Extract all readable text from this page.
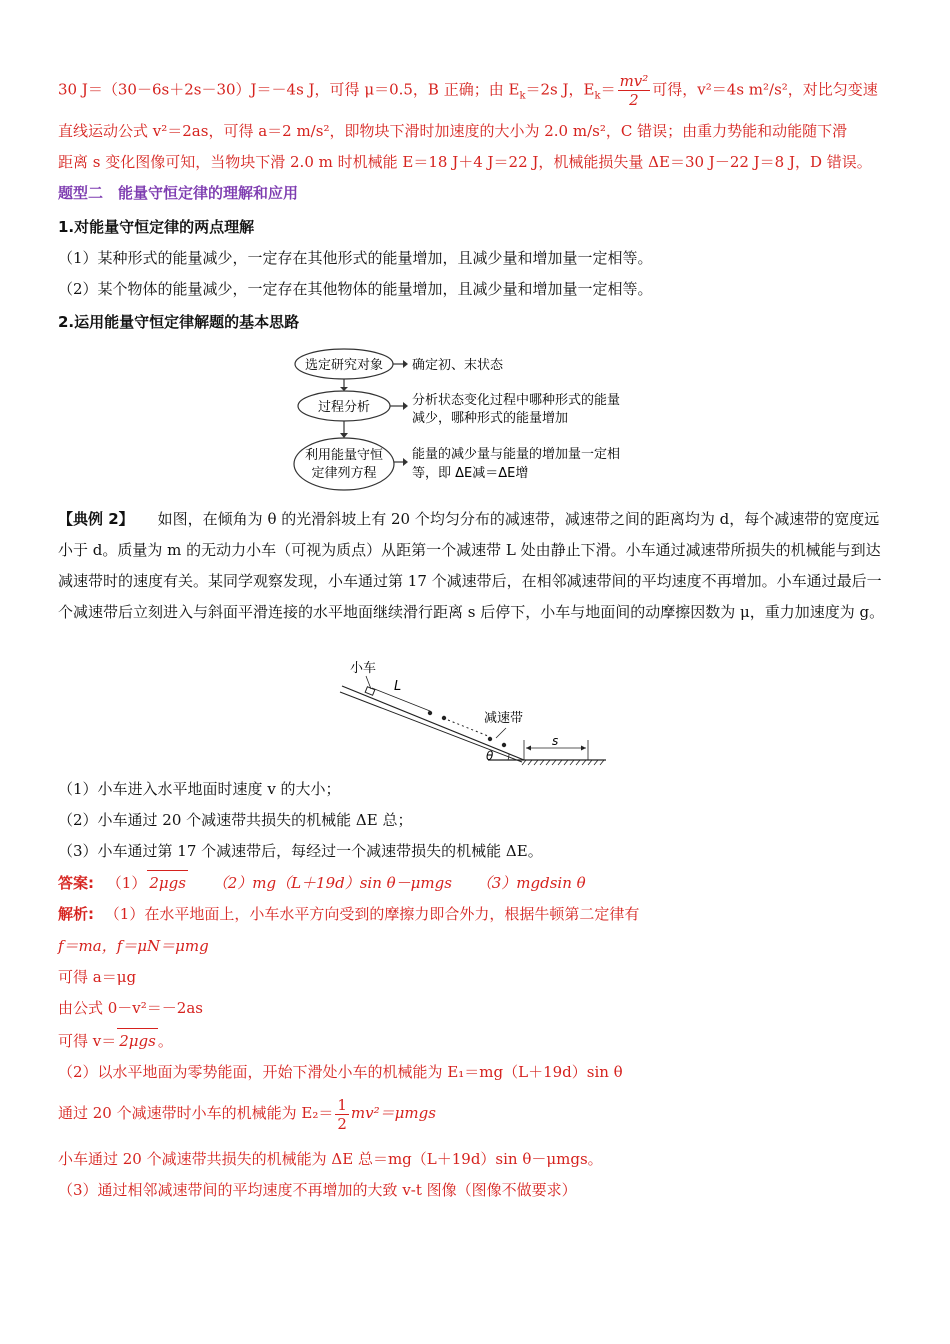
30 J＝（30－6s＋2s－30）J＝－4s J，可得 μ＝0.5，B 正确；由 $E_k=2s$ J，$E_k= \frac{\text{mv²}}{2}$ 可得，v²＝4s m²/s²，对比匀变速
直线运动公式 v²＝2as，可得 a＝2 m/s²，即物块下滑时加速度的大小为 2.0 m/s²，C 错误；由重力势能和动能随下滑
距离 s 变化图像可知，当物块下滑 2.0 m 时机械能 E＝18 J＋4 J＝22 J，机械能损失量 ΔE＝30 J－22 J＝8 J，D 错误。
题型二　能量守恒定律的理解和应用
1.对能量守恒定律的两点理解
（1）某种形式的能量减少，一定存在其他形式的能量增加，且减少量和增加量一定相等。
（2）某个物体的能量减少，一定存在其他物体的能量增加，且减少量和增加量一定相等。
2.运用能量守恒定律解题的基本思路
选定研究对象
过程分析
利用能量守恒
定律列方程
确定初、末状态
分析状态变化过程中哪种形式的能量
减少，哪种形式的能量增加
能量的减少量与能量的增加量一定相
等，即 ΔE减＝ΔE增
【典例 2】 如图，在倾角为 θ 的光滑斜坡上有 20 个均匀分布的减速带，减速带之间的距离均为 d，每个减速带的宽度远小于 d。质量为 m 的无动力小车（可视为质点）从距第一个减速带 L 处由静止下滑。小车通过减速带所损失的机械能与到达减速带时的速度有关。某同学观察发现，小车通过第 17 个减速带后，在相邻减速带间的平均速度不再增加。小车通过最后一个减速带后立刻进入与斜面平滑连接的水平地面继续滑行距离 s 后停下，小车与地面间的动摩擦因数为 μ，重力加速度为 g。
小车
L
减速带
s
θ
（1）小车进入水平地面时速度 v 的大小；
（2）小车通过 20 个减速带共损失的机械能 ΔE 总；
（3）小车通过第 17 个减速带后，每经过一个减速带损失的机械能 ΔE。
答案: （1） 2μgs （2）mg（L＋19d）sin θ－μmgs （3）mgdsin θ
解析: （1）在水平地面上，小车水平方向受到的摩擦力即合外力，根据牛顿第二定律有
f＝ma，f＝μN＝μmg
可得 a＝μg
由公式 0－v²＝－2as
可得 v＝ 2μgs 。
（2）以水平地面为零势能面，开始下滑处小车的机械能为 E₁＝mg（L＋19d）sin θ
通过 20 个减速带时小车的机械能为 $E_2= \frac{1}{2} mv^2=\mu mgs$
小车通过 20 个减速带共损失的机械能为 ΔE 总＝mg（L＋19d）sin θ－μmgs。
（3）通过相邻减速带间的平均速度不再增加的大致 v-t 图像（图像不做要求）
